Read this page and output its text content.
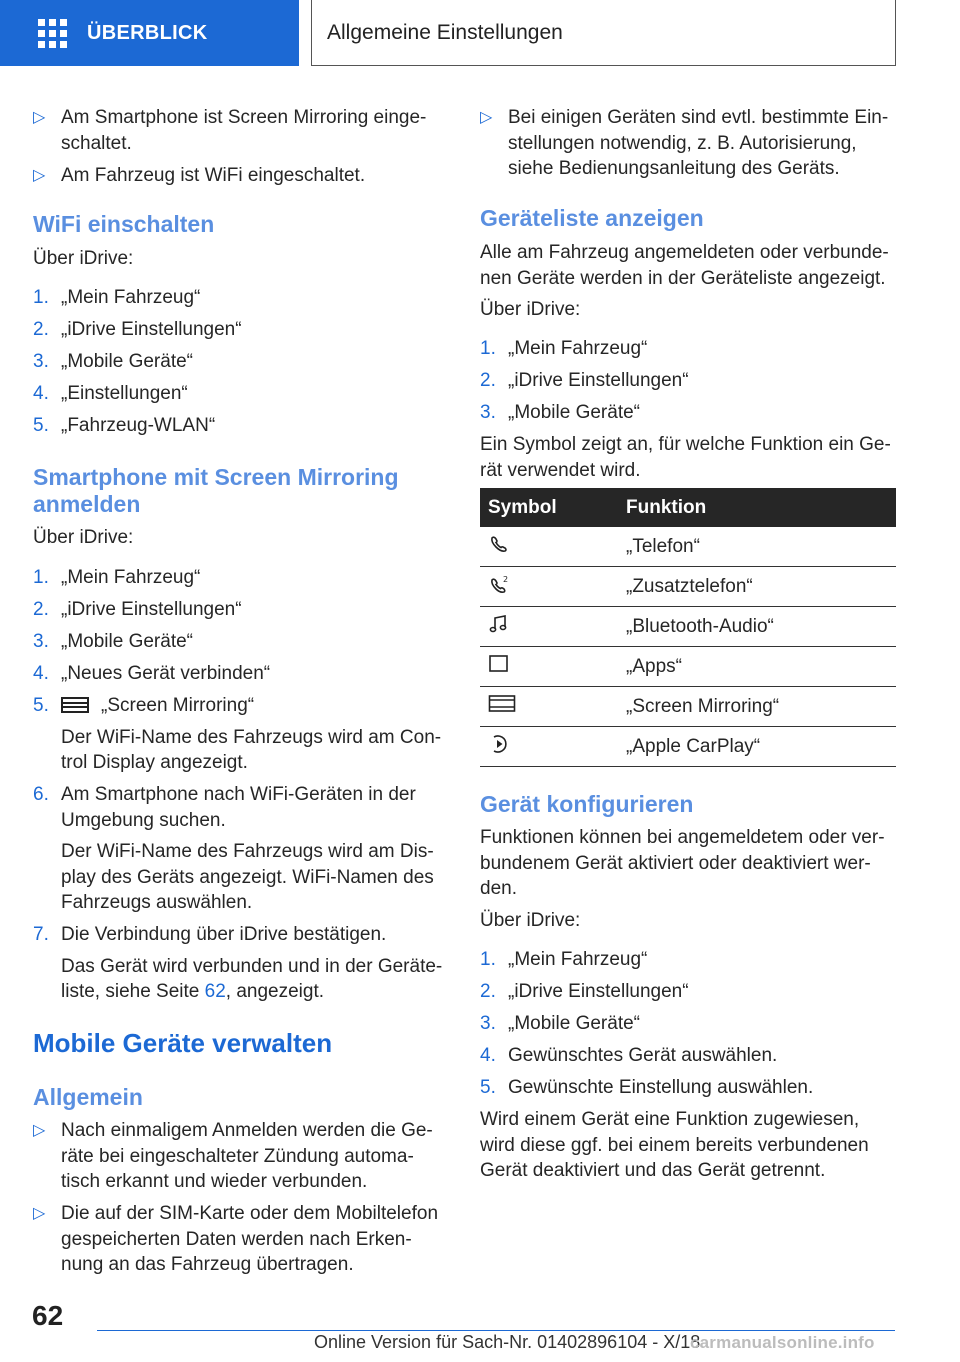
ÜBERBLICK	Allgemeine Einstellungen
▷ Am Smartphone ist Screen Mirroring einge-
schaltet.
▷ Am Fahrzeug ist WiFi eingeschaltet.
WiFi einschalten
Über iDrive:
1. „Mein Fahrzeug“
2. „iDrive Einstellungen“
3. „Mobile Geräte“
4. „Einstellungen“
5. „Fahrzeug-WLAN“
Smartphone mit Screen Mirroring
anmelden
Über iDrive:
1. „Mein Fahrzeug“
2. „iDrive Einstellungen“
3. „Mobile Geräte“
4. „Neues Gerät verbinden“
5.	„Screen Mirroring“
Der WiFi-Name des Fahrzeugs wird am Con-
trol Display angezeigt.
6. Am Smartphone nach WiFi-Geräten in der
Umgebung suchen.
Der WiFi-Name des Fahrzeugs wird am Dis-
play des Geräts angezeigt. WiFi-Namen des
Fahrzeugs auswählen.
7. Die Verbindung über iDrive bestätigen.
Das Gerät wird verbunden und in der Geräte-
liste, siehe Seite 62, angezeigt.
Mobile Geräte verwalten
Allgemein
▷ Nach einmaligem Anmelden werden die Ge-
räte bei eingeschalteter Zündung automa-
tisch erkannt und wieder verbunden.
▷ Die auf der SIM-Karte oder dem Mobiltelefon
gespeicherten Daten werden nach Erken-
nung an das Fahrzeug übertragen.
▷ Bei einigen Geräten sind evtl. bestimmte Ein-
stellungen notwendig, z. B. Autorisierung,
siehe Bedienungsanleitung des Geräts.
Geräteliste anzeigen
Alle am Fahrzeug angemeldeten oder verbunde-
nen Geräte werden in der Geräteliste angezeigt.
Über iDrive:
1. „Mein Fahrzeug“
2. „iDrive Einstellungen“
3. „Mobile Geräte“
Ein Symbol zeigt an, für welche Funktion ein Ge-
rät verwendet wird.
Gerät konfigurieren
Funktionen können bei angemeldetem oder ver-
bundenem Gerät aktiviert oder deaktiviert wer-
den.
Über iDrive:
1. „Mein Fahrzeug“
2. „iDrive Einstellungen“
3. „Mobile Geräte“
4. Gewünschtes Gerät auswählen.
5. Gewünschte Einstellung auswählen.
Wird einem Gerät eine Funktion zugewiesen,
wird diese ggf. bei einem bereits verbundenen
Gerät deaktiviert und das Gerät getrennt.
Symbol	Funktion
„Telefon“
2	„Zusatztelefon“
„Bluetooth-Audio“
„Apps“
„Screen Mirroring“
„Apple CarPlay“
62
Online Version für Sach-Nr. 01402896104 - X/18
carmanualsonline.info
